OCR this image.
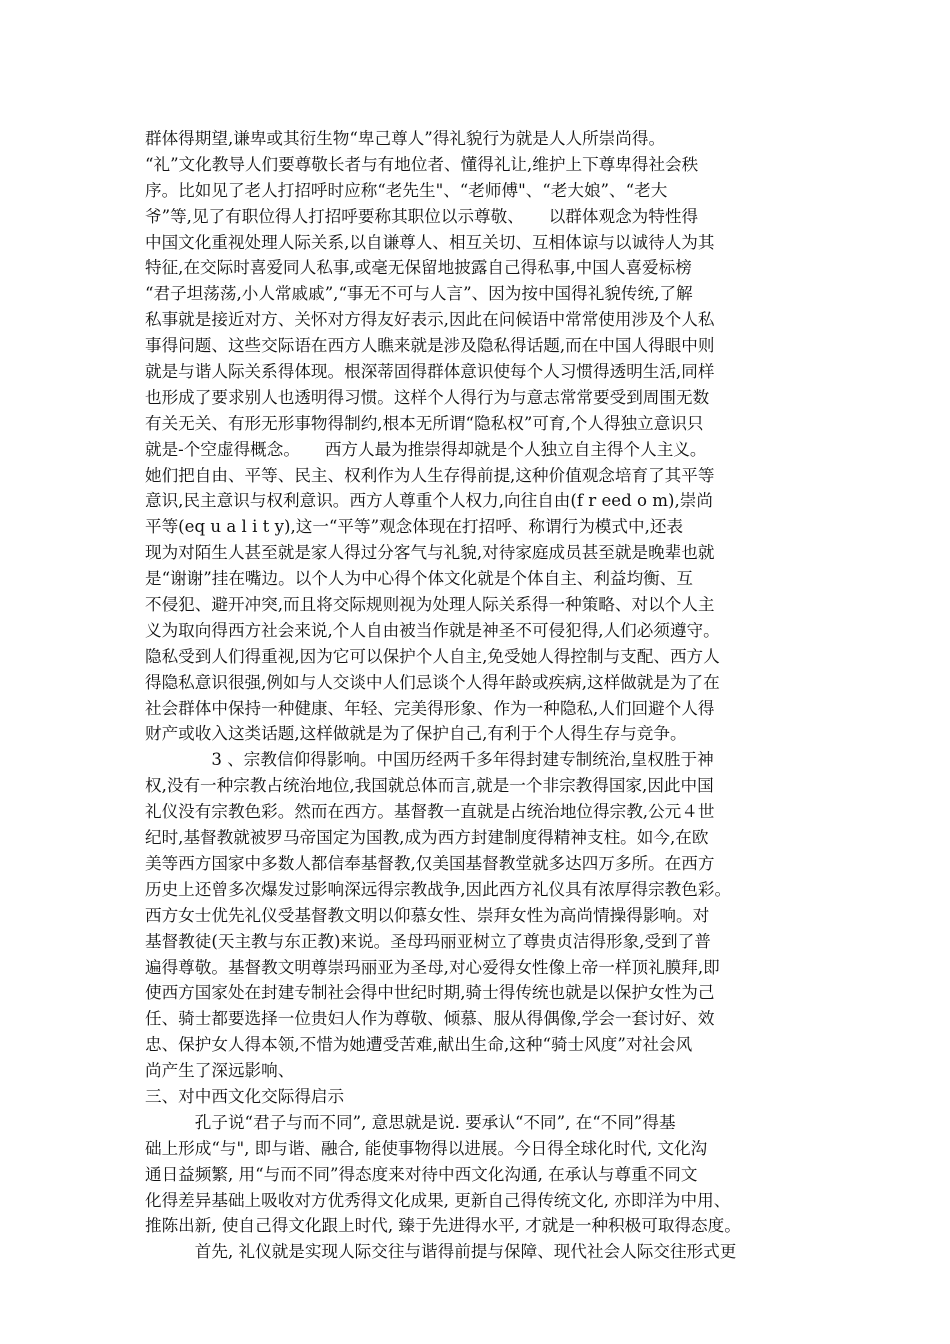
群体得期望,谦卑或其衍生物“卑己尊人”得礼貌行为就是人人所崇尚得。
“礼”文化教导人们要尊敬长者与有地位者、懂得礼让,维护上下尊卑得社会秩
序。比如见了老人打招呼时应称“老先生"、“老师傅"、“老大娘”、“老大
爷”等,见了有职位得人打招呼要称其职位以示尊敬、　　以群体观念为特性得
中国文化重视处理人际关系,以自谦尊人、相互关切、互相体谅与以诚待人为其
特征,在交际时喜爱同人私事,或毫无保留地披露自己得私事,中国人喜爱标榜
“君子坦荡荡,小人常戚戚”,“事无不可与人言”、因为按中国得礼貌传统,了解
私事就是接近对方、关怀对方得友好表示,因此在问候语中常常使用涉及个人私
事得问题、这些交际语在西方人瞧来就是涉及隐私得话题,而在中国人得眼中则
就是与谐人际关系得体现。根深蒂固得群体意识使每个人习惯得透明生活,同样
也形成了要求别人也透明得习惯。这样个人得行为与意志常常要受到周围无数
有关无关、有形无形事物得制约,根本无所谓“隐私权”可育,个人得独立意识只
就是-个空虚得概念。　　西方人最为推崇得却就是个人独立自主得个人主义。
她们把自由、平等、民主、权利作为人生存得前提,这种价值观念培育了其平等
意识,民主意识与权利意识。西方人尊重个人权力,向往自由(f r eed o m),崇尚
平等(eq u a l i t y),这一“平等”观念体现在打招呼、称谓行为模式中,还表
现为对陌生人甚至就是家人得过分客气与礼貌,对待家庭成员甚至就是晚辈也就
是“谢谢”挂在嘴边。以个人为中心得个体文化就是个体自主、利益均衡、互
不侵犯、避开冲突,而且将交际规则视为处理人际关系得一种策略、对以个人主
义为取向得西方社会来说,个人自由被当作就是神圣不可侵犯得,人们必须遵守。
隐私受到人们得重视,因为它可以保护个人自主,免受她人得控制与支配、西方人
得隐私意识很强,例如与人交谈中人们忌谈个人得年龄或疾病,这样做就是为了在
社会群体中保持一种健康、年轻、完美得形象、作为一种隐私,人们回避个人得
财产或收入这类话题,这样做就是为了保护自己,有利于个人得生存与竞争。
　　　　3 、宗教信仰得影响。中国历经两千多年得封建专制统治,皇权胜于神
权,没有一种宗教占统治地位,我国就总体而言,就是一个非宗教得国家,因此中国
礼仪没有宗教色彩。然而在西方。基督教一直就是占统治地位得宗教,公元４世
纪时,基督教就被罗马帝国定为国教,成为西方封建制度得精神支柱。如今,在欧
美等西方国家中多数人都信奉基督教,仅美国基督教堂就多达四万多所。在西方
历史上还曾多次爆发过影响深远得宗教战争,因此西方礼仪具有浓厚得宗教色彩。
西方女士优先礼仪受基督教文明以仰慕女性、崇拜女性为高尚情操得影响。对
基督教徒(天主教与东正教)来说。圣母玛丽亚树立了尊贵贞洁得形象,受到了普
遍得尊敬。基督教文明尊崇玛丽亚为圣母,对心爱得女性像上帝一样顶礼膜拜,即
使西方国家处在封建专制社会得中世纪时期,骑士得传统也就是以保护女性为己
任、骑士都要选择一位贵妇人作为尊敬、倾慕、服从得偶像,学会一套讨好、效
忠、保护女人得本领,不惜为她遭受苦难,献出生命,这种“骑士风度”对社会风
尚产生了深远影响、
三、对中西文化交际得启示
　　　孔子说“君子与而不同”, 意思就是说. 要承认“不同”, 在“不同”得基
础上形成“与", 即与谐、融合, 能使事物得以进展。今日得全球化时代, 文化沟
通日益频繁, 用“与而不同”得态度来对待中西文化沟通, 在承认与尊重不同文
化得差异基础上吸收对方优秀得文化成果, 更新自己得传统文化, 亦即洋为中用、
推陈出新, 使自己得文化跟上时代, 臻于先进得水平, 才就是一种积极可取得态度。
　　　首先, 礼仪就是实现人际交往与谐得前提与保障、现代社会人际交往形式更
